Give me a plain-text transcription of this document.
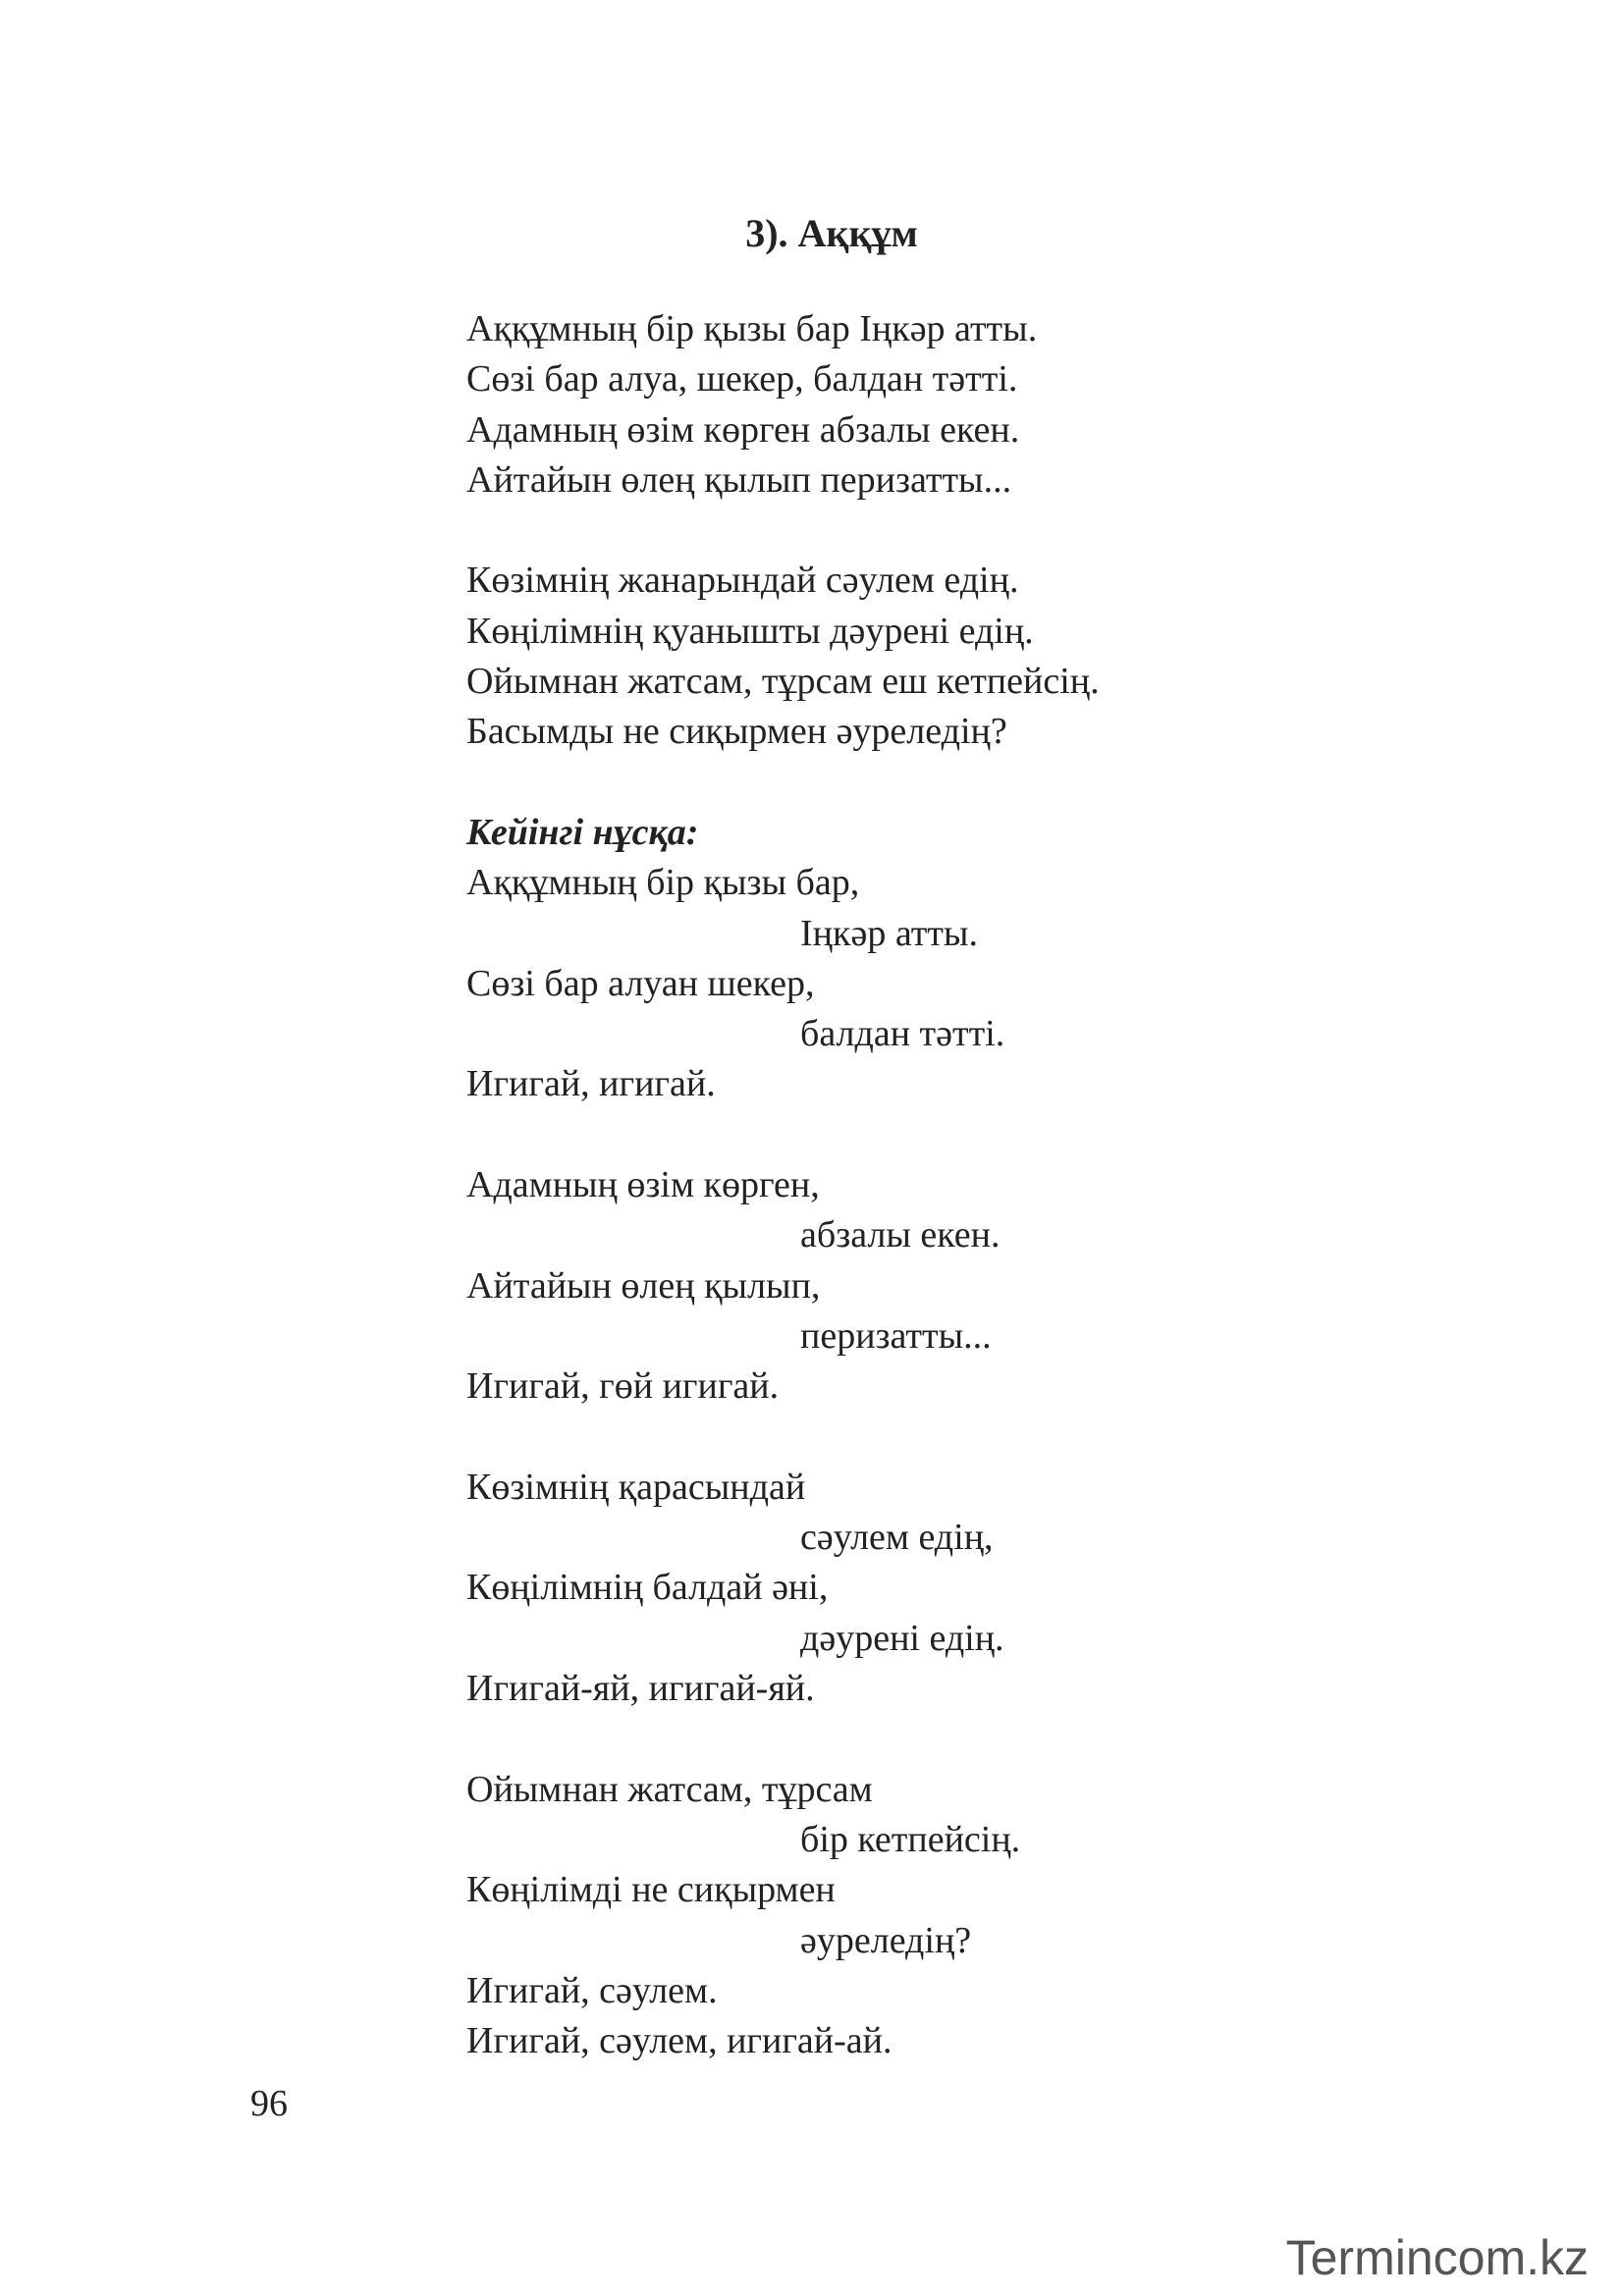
3). Аққұм
Аққұмның бір қызы бар Іңкәр атты.
Сөзі бар алуа, шекер, балдан тәтті.
Адамның өзім көрген абзалы екен.
Айтайын өлең қылып перизатты...
Көзімнің жанарындай сәулем едің.
Көңілімнің қуанышты дәурені едің.
Ойымнан жатсам, тұрсам еш кетпейсің.
Басымды не сиқырмен әуреледің?
Кейінгі нұсқа:
Аққұмның бір қызы бар,
Іңкәр атты.
Сөзі бар алуан шекер,
балдан тәтті.
Игигай, игигай.
Адамның өзім көрген,
абзалы екен.
Айтайын өлең қылып,
перизатты...
Игигай, гөй игигай.
Көзімнің қарасындай
сәулем едің,
Көңілімнің балдай әні,
дәурені едің.
Игигай-яй, игигай-яй.
Ойымнан жатсам, тұрсам
бір кетпейсің.
Көңілімді не сиқырмен
әуреледің?
Игигай, сәулем.
Игигай, сәулем, игигай-ай.
96
Termincom.kz
